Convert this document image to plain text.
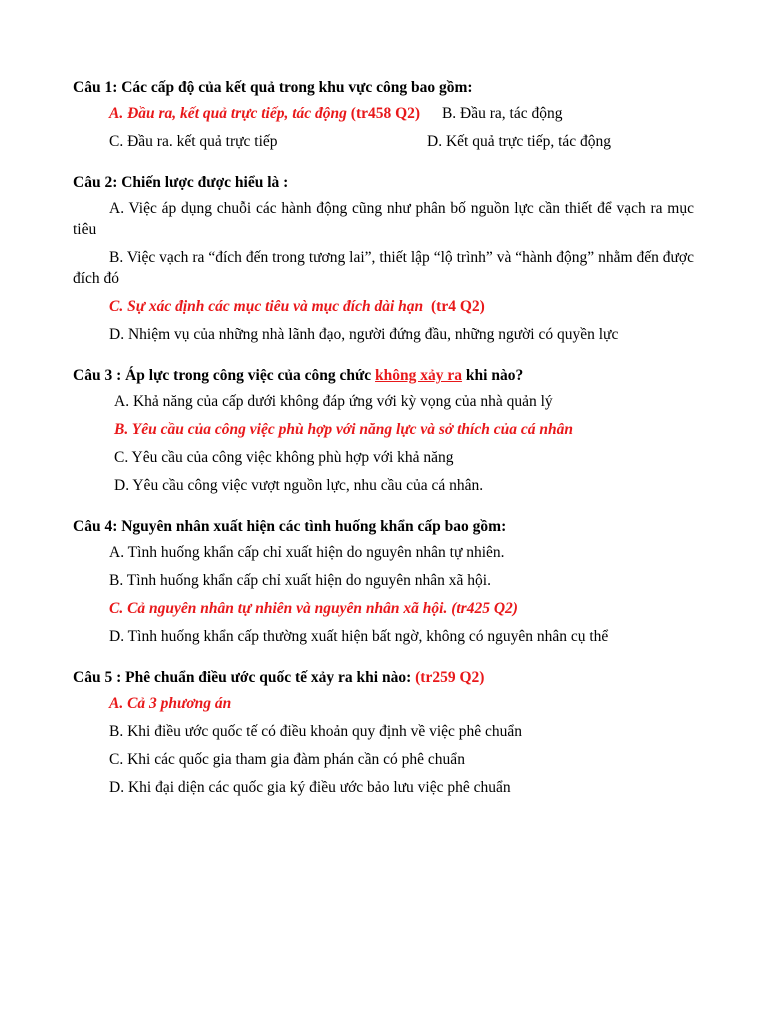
Câu 1: Các cấp độ của kết quả trong khu vực công bao gồm:
A. Đầu ra, kết quả trực tiếp, tác động (tr458 Q2) B. Đầu ra, tác động
C. Đầu ra. kết quả trực tiếp	D. Kết quả trực tiếp, tác động
Câu 2: Chiến lược được hiểu là :
A. Việc áp dụng chuỗi các hành động cũng như phân bố nguồn lực cần thiết để vạch ra mục tiêu
B. Việc vạch ra “đích đến trong tương lai”, thiết lập “lộ trình” và “hành động” nhằm đến được đích đó
C. Sự xác định các mục tiêu và mục đích dài hạn (tr4 Q2)
D. Nhiệm vụ của những nhà lãnh đạo, người đứng đầu, những người có quyền lực
Câu 3 : Áp lực trong công việc của công chức không xảy ra khi nào?
A. Khả năng của cấp dưới không đáp ứng với kỳ vọng của nhà quản lý
B. Yêu cầu của công việc phù hợp với năng lực và sở thích của cá nhân
C. Yêu cầu của công việc không phù hợp với khả năng
D. Yêu cầu công việc vượt nguồn lực, nhu cầu của cá nhân.
Câu 4: Nguyên nhân xuất hiện các tình huống khẩn cấp bao gồm:
A. Tình huống khẩn cấp chỉ xuất hiện do nguyên nhân tự nhiên.
B. Tình huống khẩn cấp chỉ xuất hiện do nguyên nhân xã hội.
C. Cả nguyên nhân tự nhiên và nguyên nhân xã hội. (tr425 Q2)
D. Tình huống khẩn cấp thường xuất hiện bất ngờ, không có nguyên nhân cụ thể
Câu 5 : Phê chuẩn điều ước quốc tế xảy ra khi nào: (tr259 Q2)
A. Cả 3 phương án
B. Khi điều ước quốc tế có điều khoản quy định về việc phê chuẩn
C. Khi các quốc gia tham gia đàm phán cần có phê chuẩn
D. Khi đại diện các quốc gia ký điều ước bảo lưu việc phê chuẩn
